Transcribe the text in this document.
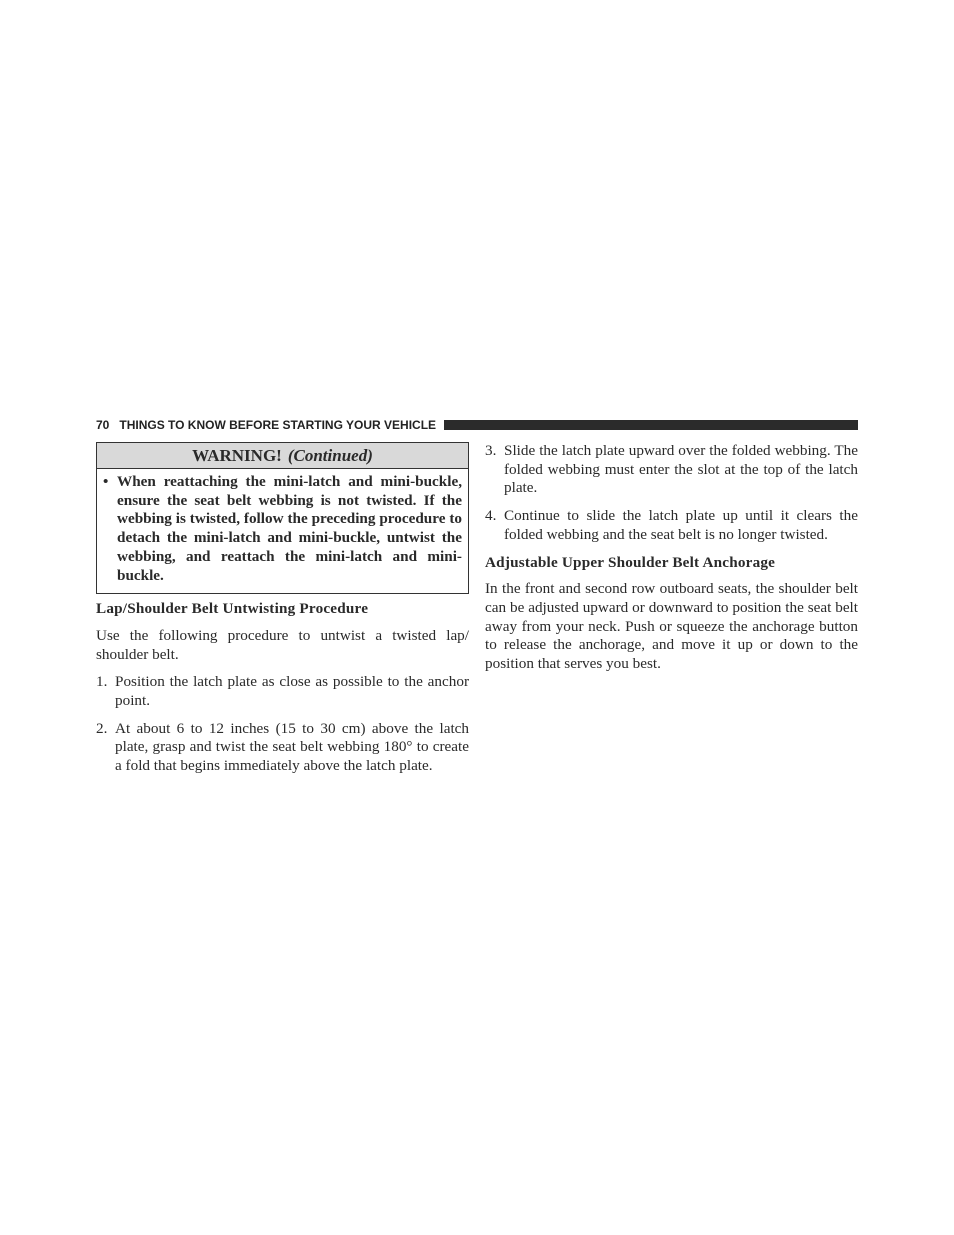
70 THINGS TO KNOW BEFORE STARTING YOUR VEHICLE
WARNING! (Continued)
• When reattaching the mini-latch and mini-buckle, ensure the seat belt webbing is not twisted. If the webbing is twisted, follow the preceding procedure to detach the mini-latch and mini-buckle, untwist the webbing, and reattach the mini-latch and mini-buckle.
Lap/Shoulder Belt Untwisting Procedure

Use the following procedure to untwist a twisted lap/ shoulder belt.

1. Position the latch plate as close as possible to the anchor point.
2. At about 6 to 12 inches (15 to 30 cm) above the latch plate, grasp and twist the seat belt webbing 180° to create a fold that begins immediately above the latch plate.
3. Slide the latch plate upward over the folded webbing. The folded webbing must enter the slot at the top of the latch plate.
4. Continue to slide the latch plate up until it clears the folded webbing and the seat belt is no longer twisted.
Adjustable Upper Shoulder Belt Anchorage

In the front and second row outboard seats, the shoulder belt can be adjusted upward or downward to position the seat belt away from your neck. Push or squeeze the anchorage button to release the anchorage, and move it up or down to the position that serves you best.
